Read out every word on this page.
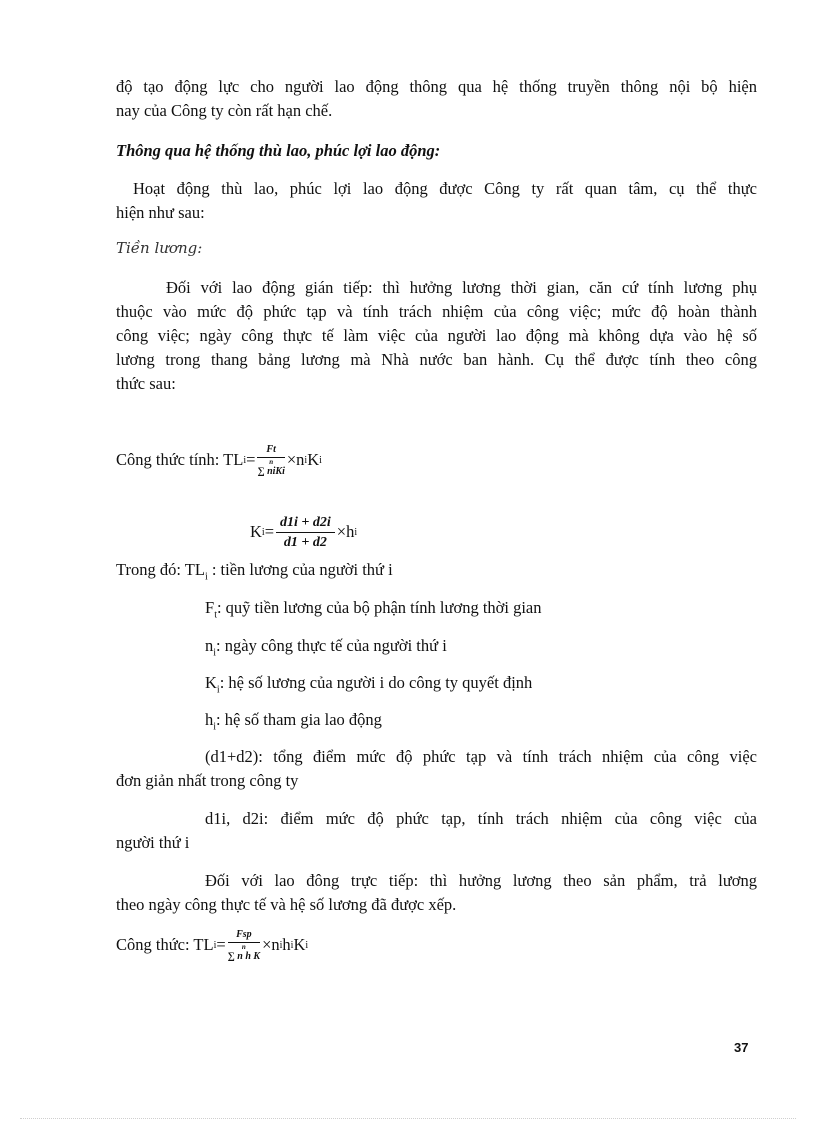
độ tạo động lực cho người lao động thông qua hệ thống truyền thông nội bộ hiện
nay của Công ty còn rất hạn chế.
Thông qua hệ thống thù lao, phúc lợi lao động:
Hoạt động thù lao, phúc lợi lao động được Công ty rất quan tâm, cụ thể thực
hiện như sau:
Tiền lương:
Đối với lao động gián tiếp: thì hưởng lương thời gian, căn cứ tính lương phụ
thuộc vào mức độ phức tạp và tính trách nhiệm của công việc; mức độ hoàn thành
công việc; ngày công thực tế làm việc của người lao động mà không dựa vào hệ số
lương trong thang bảng lương mà Nhà nước ban hành. Cụ thể được tính theo công
thức sau:
Công thức tính: TL i = Ft
n
∑ niKi ×n i K i
K $i = \frac{d1i + d2i}{d1 + d2} \times h$ i
Trong đó: $TL_i$ : tiền lương của người thứ i
$F_t$: quỹ tiền lương của bộ phận tính lương thời gian
$n_i$: ngày công thực tế của người thứ i
$K_i$: hệ số lương của người i do công ty quyết định
$h_i$: hệ số tham gia lao động
(d1+d2): tổng điểm mức độ phức tạp và tính trách nhiệm của công việc
đơn giản nhất trong công ty
d1i, d2i: điểm mức độ phức tạp, tính trách nhiệm của công việc của
người thứ i
Đối với lao đông trực tiếp: thì hưởng lương theo sản phẩm, trả lương
theo ngày công thực tế và hệ số lương đã được xếp.
Công thức: TL i = Fsp
n
∑ n h K ×n i h i K i
37
